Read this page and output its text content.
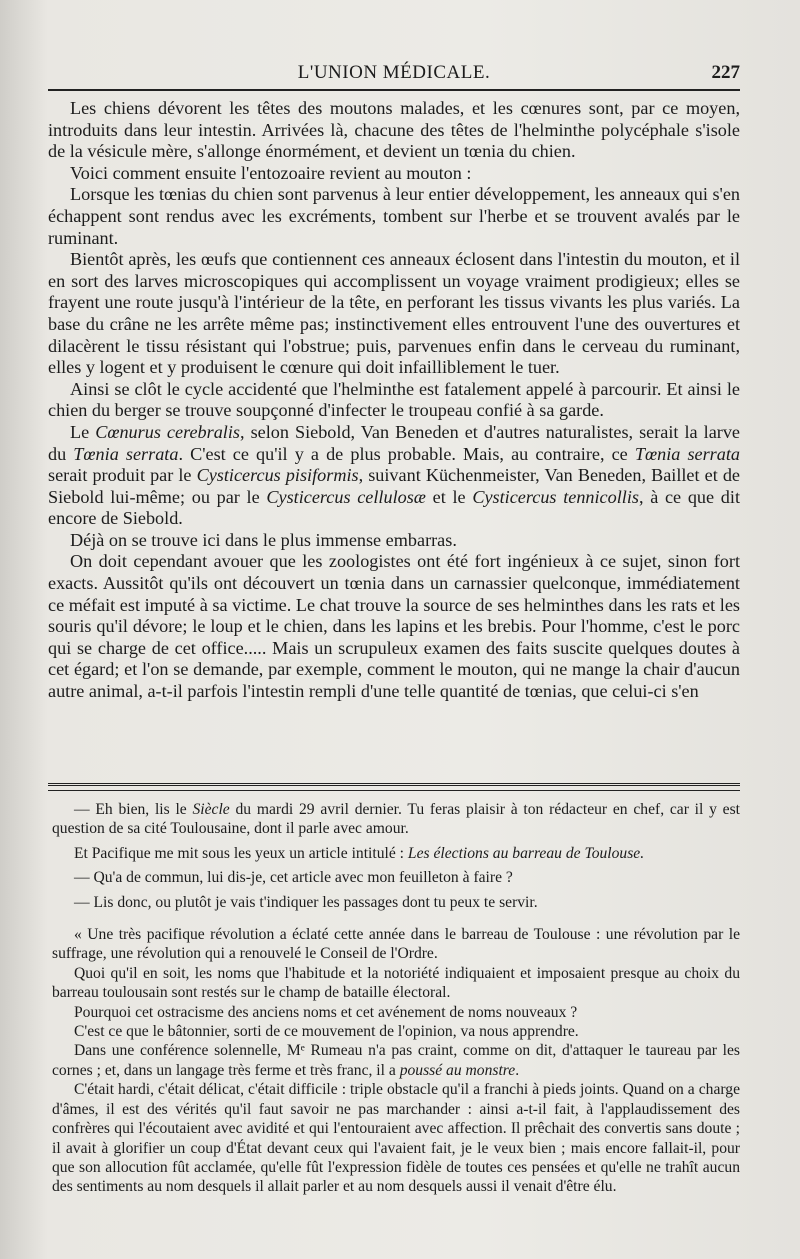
L'UNION MÉDICALE.	227

Les chiens dévorent les têtes des moutons malades, et les cœnures sont, par ce moyen, introduits dans leur intestin. Arrivées là, chacune des têtes de l'helminthe polycéphale s'isole de la vésicule mère, s'allonge énormément, et devient un tœnia du chien.

Voici comment ensuite l'entozoaire revient au mouton :

Lorsque les tœnias du chien sont parvenus à leur entier développement, les anneaux qui s'en échappent sont rendus avec les excréments, tombent sur l'herbe et se trouvent avalés par le ruminant.

Bientôt après, les œufs que contiennent ces anneaux éclosent dans l'intestin du mouton, et il en sort des larves microscopiques qui accomplissent un voyage vraiment prodigieux; elles se frayent une route jusqu'à l'intérieur de la tête, en perforant les tissus vivants les plus variés. La base du crâne ne les arrête même pas; instinctivement elles entrouvent l'une des ouvertures et dilacèrent le tissu résistant qui l'obstrue; puis, parvenues enfin dans le cerveau du ruminant, elles y logent et y produisent le cœnure qui doit infailliblement le tuer.

Ainsi se clôt le cycle accidenté que l'helminthe est fatalement appelé à parcourir. Et ainsi le chien du berger se trouve soupçonné d'infecter le troupeau confié à sa garde.

Le Cœnurus cerebralis, selon Siebold, Van Beneden et d'autres naturalistes, serait la larve du Tœnia serrata. C'est ce qu'il y a de plus probable. Mais, au contraire, ce Tœnia serrata serait produit par le Cysticercus pisiformis, suivant Küchenmeister, Van Beneden, Baillet et de Siebold lui-même; ou par le Cysticercus cellulosæ et le Cysticercus tennicollis, à ce que dit encore de Siebold.

Déjà on se trouve ici dans le plus immense embarras.

On doit cependant avouer que les zoologistes ont été fort ingénieux à ce sujet, sinon fort exacts. Aussitôt qu'ils ont découvert un tœnia dans un carnassier quelconque, immédiatement ce méfait est imputé à sa victime. Le chat trouve la source de ses helminthes dans les rats et les souris qu'il dévore; le loup et le chien, dans les lapins et les brebis. Pour l'homme, c'est le porc qui se charge de cet office..... Mais un scrupuleux examen des faits suscite quelques doutes à cet égard; et l'on se demande, par exemple, comment le mouton, qui ne mange la chair d'aucun autre animal, a-t-il parfois l'intestin rempli d'une telle quantité de tœnias, que celui-ci s'en

— Eh bien, lis le Siècle du mardi 29 avril dernier. Tu feras plaisir à ton rédacteur en chef, car il y est question de sa cité Toulousaine, dont il parle avec amour.

Et Pacifique me mit sous les yeux un article intitulé : Les élections au barreau de Toulouse.

— Qu'a de commun, lui dis-je, cet article avec mon feuilleton à faire ?

— Lis donc, ou plutôt je vais t'indiquer les passages dont tu peux te servir.

« Une très pacifique révolution a éclaté cette année dans le barreau de Toulouse : une révolution par le suffrage, une révolution qui a renouvelé le Conseil de l'Ordre.

Quoi qu'il en soit, les noms que l'habitude et la notoriété indiquaient et imposaient presque au choix du barreau toulousain sont restés sur le champ de bataille électoral.

Pourquoi cet ostracisme des anciens noms et cet avénement de noms nouveaux ?

C'est ce que le bâtonnier, sorti de ce mouvement de l'opinion, va nous apprendre.

Dans une conférence solennelle, Mᵉ Rumeau n'a pas craint, comme on dit, d'attaquer le taureau par les cornes ; et, dans un langage très ferme et très franc, il a poussé au monstre.

C'était hardi, c'était délicat, c'était difficile : triple obstacle qu'il a franchi à pieds joints. Quand on a charge d'âmes, il est des vérités qu'il faut savoir ne pas marchander : ainsi a-t-il fait, à l'applaudissement des confrères qui l'écoutaient avec avidité et qui l'entouraient avec affection. Il prêchait des convertis sans doute ; il avait à glorifier un coup d'État devant ceux qui l'avaient fait, je le veux bien ; mais encore fallait-il, pour que son allocution fût acclamée, qu'elle fût l'expression fidèle de toutes ces pensées et qu'elle ne trahît aucun des sentiments au nom desquels il allait parler et au nom desquels aussi il venait d'être élu.
